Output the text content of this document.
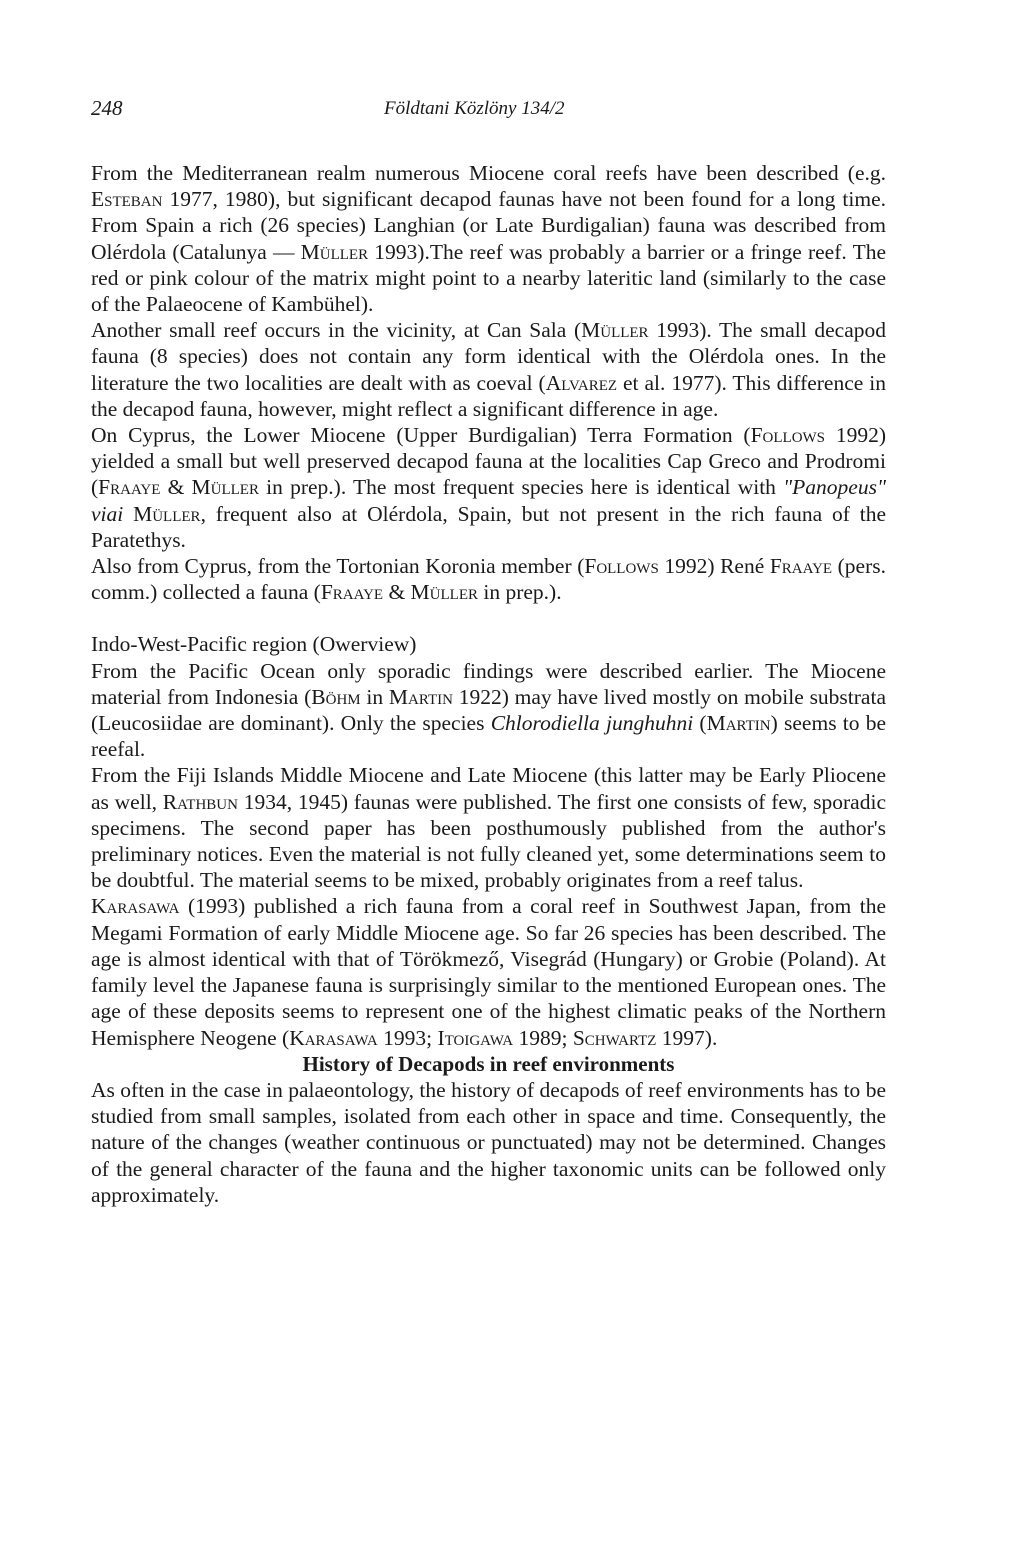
248	Földtani Közlöny 134/2

From the Mediterranean realm numerous Miocene coral reefs have been described (e.g. Esteban 1977, 1980), but significant decapod faunas have not been found for a long time. From Spain a rich (26 species) Langhian (or Late Burdigalian) fauna was described from Olérdola (Catalunya — Müller 1993).The reef was probably a barrier or a fringe reef. The red or pink colour of the matrix might point to a nearby lateritic land (similarly to the case of the Palaeocene of Kambühel).

Another small reef occurs in the vicinity, at Can Sala (Müller 1993). The small decapod fauna (8 species) does not contain any form identical with the Olérdola ones. In the literature the two localities are dealt with as coeval (Alvarez et al. 1977). This difference in the decapod fauna, however, might reflect a significant difference in age.

On Cyprus, the Lower Miocene (Upper Burdigalian) Terra Formation (Follows 1992) yielded a small but well preserved decapod fauna at the localities Cap Greco and Prodromi (Fraaye & Müller in prep.). The most frequent species here is identical with "Panopeus" viai Müller, frequent also at Olérdola, Spain, but not present in the rich fauna of the Paratethys.

Also from Cyprus, from the Tortonian Koronia member (Follows 1992) René Fraaye (pers. comm.) collected a fauna (Fraaye & Müller in prep.).

Indo-West-Pacific region (Owerview)

From the Pacific Ocean only sporadic findings were described earlier. The Miocene material from Indonesia (Böhm in Martin 1922) may have lived mostly on mobile substrata (Leucosiidae are dominant). Only the species Chlorodiella junghuhni (Martin) seems to be reefal.

From the Fiji Islands Middle Miocene and Late Miocene (this latter may be Early Pliocene as well, Rathbun 1934, 1945) faunas were published. The first one consists of few, sporadic specimens. The second paper has been posthumously published from the author's preliminary notices. Even the material is not fully cleaned yet, some determinations seem to be doubtful. The material seems to be mixed, probably originates from a reef talus.

Karasawa (1993) published a rich fauna from a coral reef in Southwest Japan, from the Megami Formation of early Middle Miocene age. So far 26 species has been described. The age is almost identical with that of Törökmező, Visegrád (Hungary) or Grobie (Poland). At family level the Japanese fauna is surprisingly similar to the mentioned European ones. The age of these deposits seems to represent one of the highest climatic peaks of the Northern Hemisphere Neogene (Karasawa 1993; Itoigawa 1989; Schwartz 1997).

History of Decapods in reef environments

As often in the case in palaeontology, the history of decapods of reef environments has to be studied from small samples, isolated from each other in space and time. Consequently, the nature of the changes (weather continuous or punctuated) may not be determined. Changes of the general character of the fauna and the higher taxonomic units can be followed only approximately.
